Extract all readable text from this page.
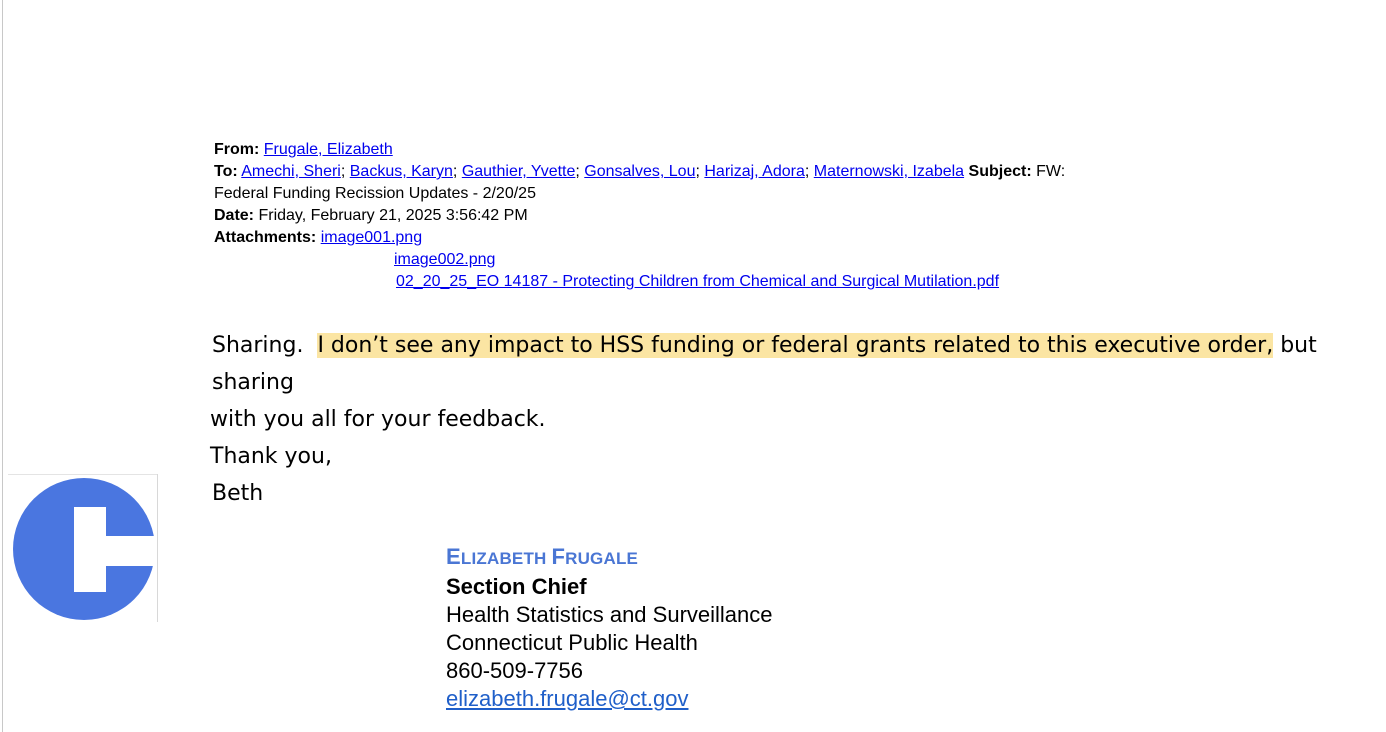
From: Frugale, Elizabeth
To: Amechi, Sheri; Backus, Karyn; Gauthier, Yvette; Gonsalves, Lou; Harizaj, Adora; Maternowski, Izabela Subject: FW:
Federal Funding Recission Updates - 2/20/25
Date: Friday, February 21, 2025 3:56:42 PM
Attachments: image001.png
image002.png
02_20_25_EO 14187 - Protecting Children from Chemical and Surgical Mutilation.pdf

Sharing. I don’t see any impact to HSS funding or federal grants related to this executive order, but sharing

with you all for your feedback.

Thank you,

Beth

ELIZABETH FRUGALE
Section Chief
Health Statistics and Surveillance
Connecticut Public Health
860-509-7756
elizabeth.frugale@ct.gov
